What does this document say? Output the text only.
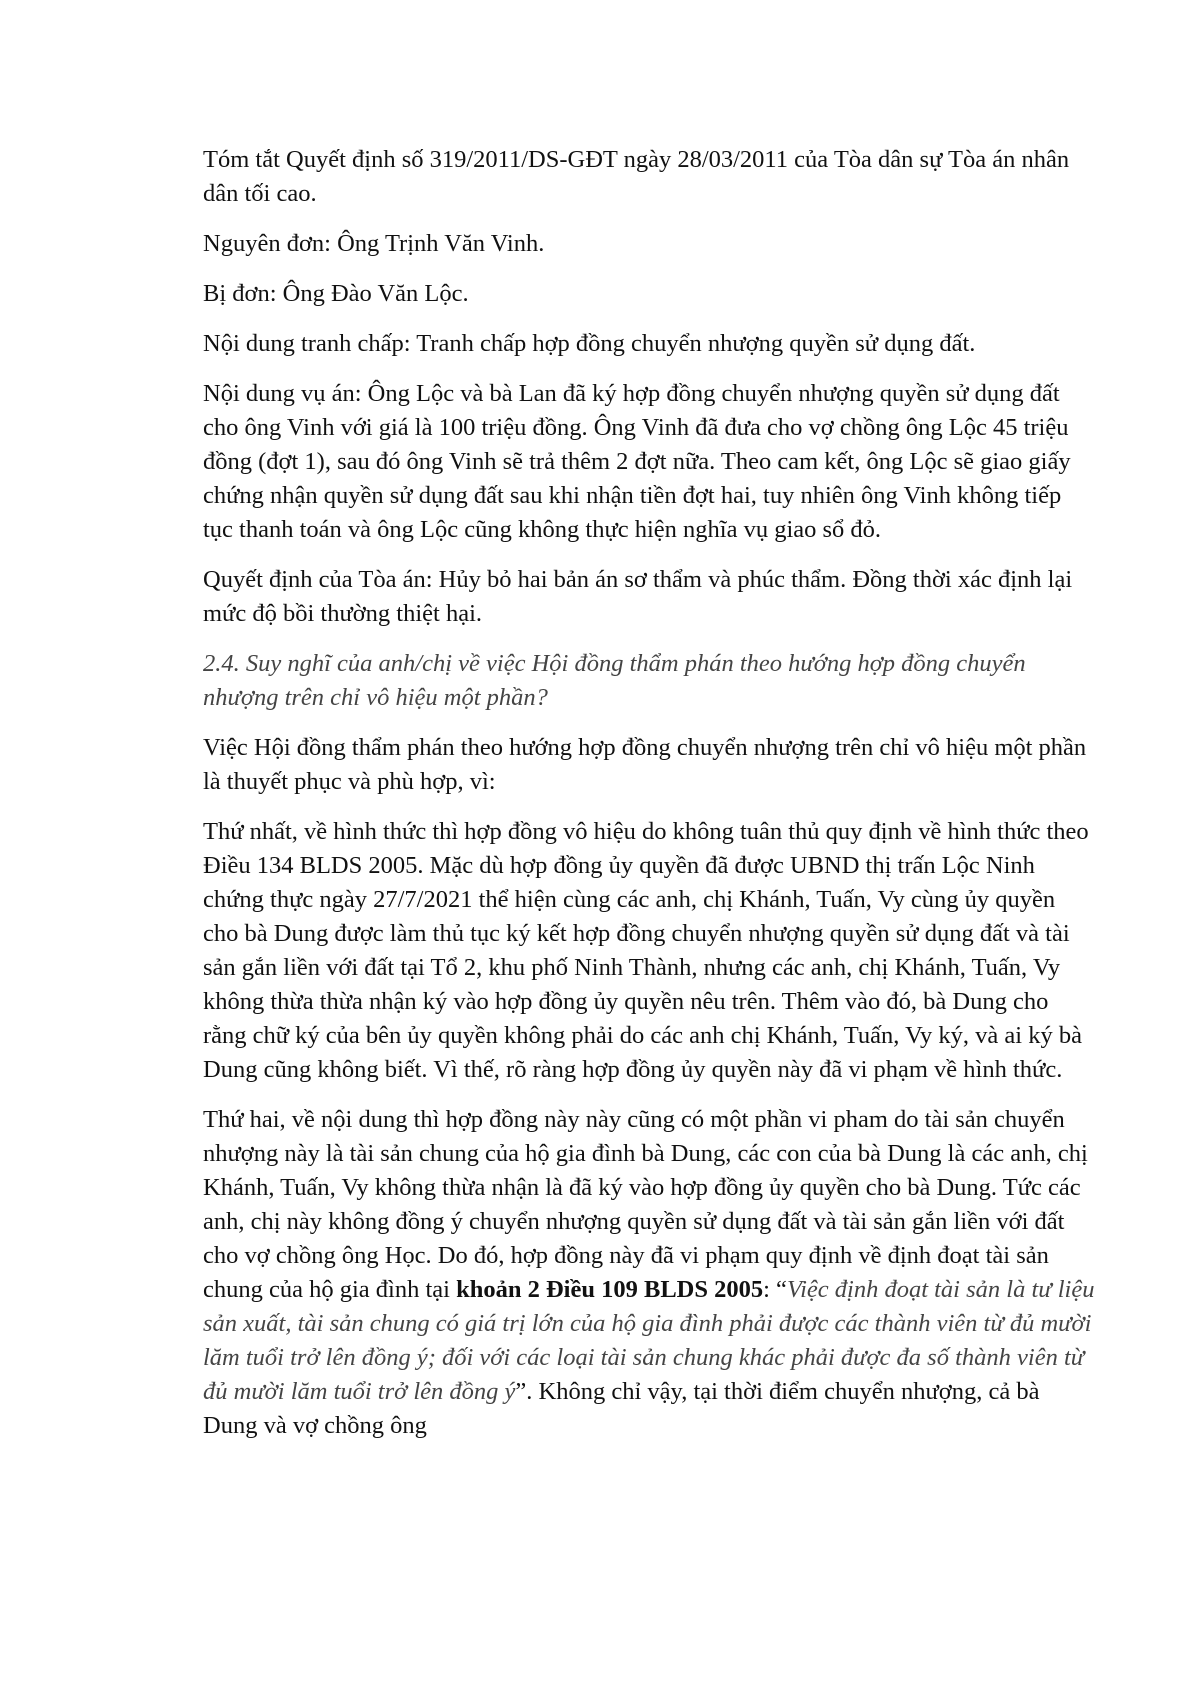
Tóm tắt Quyết định số 319/2011/DS-GĐT ngày 28/03/2011 của Tòa dân sự Tòa án nhân dân tối cao.

Nguyên đơn: Ông Trịnh Văn Vinh.

Bị đơn: Ông Đào Văn Lộc.

Nội dung tranh chấp: Tranh chấp hợp đồng chuyển nhượng quyền sử dụng đất.

Nội dung vụ án: Ông Lộc và bà Lan đã ký hợp đồng chuyển nhượng quyền sử dụng đất cho ông Vinh với giá là 100 triệu đồng. Ông Vinh đã đưa cho vợ chồng ông Lộc 45 triệu đồng (đợt 1), sau đó ông Vinh sẽ trả thêm 2 đợt nữa. Theo cam kết, ông Lộc sẽ giao giấy chứng nhận quyền sử dụng đất sau khi nhận tiền đợt hai, tuy nhiên ông Vinh không tiếp tục thanh toán và ông Lộc cũng không thực hiện nghĩa vụ giao sổ đỏ.

Quyết định của Tòa án: Hủy bỏ hai bản án sơ thẩm và phúc thẩm. Đồng thời xác định lại mức độ bồi thường thiệt hại.

2.4. Suy nghĩ của anh/chị về việc Hội đồng thẩm phán theo hướng hợp đồng chuyển nhượng trên chỉ vô hiệu một phần?

Việc Hội đồng thẩm phán theo hướng hợp đồng chuyển nhượng trên chỉ vô hiệu một phần là thuyết phục và phù hợp, vì:

Thứ nhất, về hình thức thì hợp đồng vô hiệu do không tuân thủ quy định về hình thức theo Điều 134 BLDS 2005. Mặc dù hợp đồng ủy quyền đã được UBND thị trấn Lộc Ninh chứng thực ngày 27/7/2021 thể hiện cùng các anh, chị Khánh, Tuấn, Vy cùng ủy quyền cho bà Dung được làm thủ tục ký kết hợp đồng chuyển nhượng quyền sử dụng đất và tài sản gắn liền với đất tại Tổ 2, khu phố Ninh Thành, nhưng các anh, chị Khánh, Tuấn, Vy không thừa thừa nhận ký vào hợp đồng ủy quyền nêu trên. Thêm vào đó, bà Dung cho rằng chữ ký của bên ủy quyền không phải do các anh chị Khánh, Tuấn, Vy ký, và ai ký bà Dung cũng không biết. Vì thế, rõ ràng hợp đồng ủy quyền này đã vi phạm về hình thức.

Thứ hai, về nội dung thì hợp đồng này này cũng có một phần vi pham do tài sản chuyển nhượng này là tài sản chung của hộ gia đình bà Dung, các con của bà Dung là các anh, chị Khánh, Tuấn, Vy không thừa nhận là đã ký vào hợp đồng ủy quyền cho bà Dung. Tức các anh, chị này không đồng ý chuyển nhượng quyền sử dụng đất và tài sản gắn liền với đất cho vợ chồng ông Học. Do đó, hợp đồng này đã vi phạm quy định về định đoạt tài sản chung của hộ gia đình tại khoản 2 Điều 109 BLDS 2005: “Việc định đoạt tài sản là tư liệu sản xuất, tài sản chung có giá trị lớn của hộ gia đình phải được các thành viên từ đủ mười lăm tuổi trở lên đồng ý; đối với các loại tài sản chung khác phải được đa số thành viên từ đủ mười lăm tuổi trở lên đồng ý”. Không chỉ vậy, tại thời điểm chuyển nhượng, cả bà Dung và vợ chồng ông
